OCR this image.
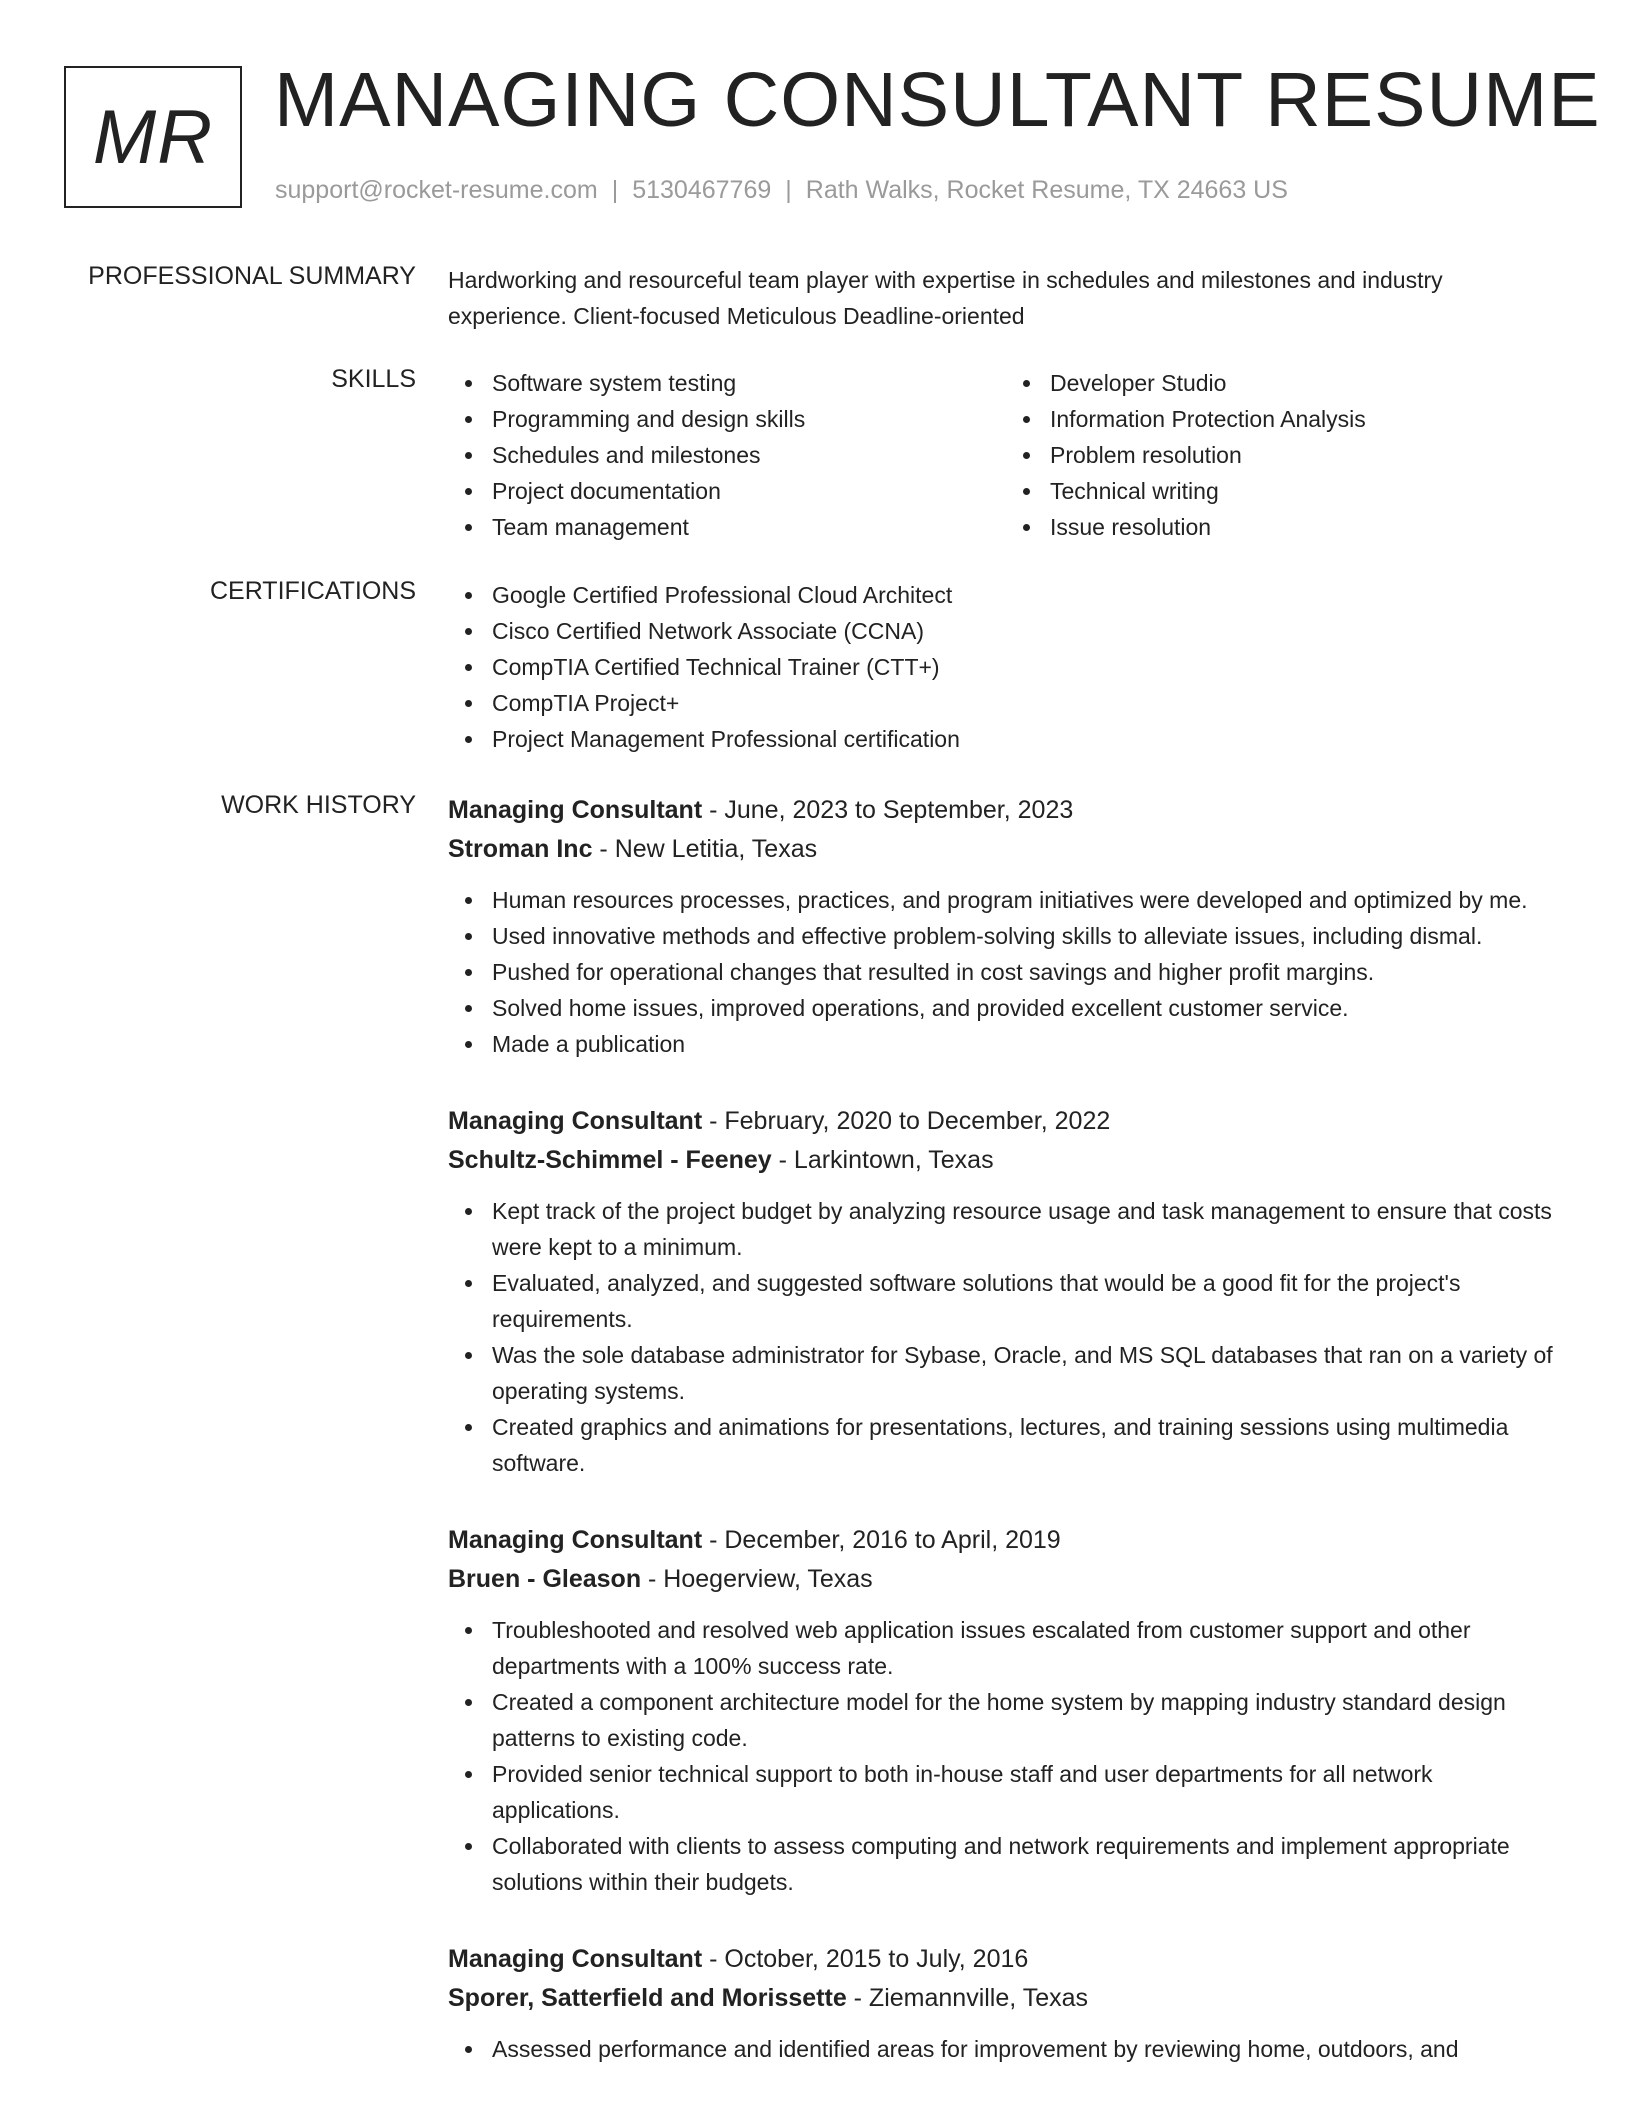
MR MANAGING CONSULTANT RESUME
support@rocket-resume.com | 5130467769 | Rath Walks, Rocket Resume, TX 24663 US
PROFESSIONAL SUMMARY Hardworking and resourceful team player with expertise in schedules and milestones and industry experience. Client-focused Meticulous Deadline-oriented
SKILLS	Software system testing
Programming and design skills
Schedules and milestones
Project documentation
Team management
Developer Studio
Information Protection Analysis
Problem resolution
Technical writing
Issue resolution
CERTIFICATIONS	Google Certified Professional Cloud Architect
Cisco Certified Network Associate (CCNA)
CompTIA Certified Technical Trainer (CTT+)
CompTIA Project+
Project Management Professional certification
WORK HISTORY Managing Consultant - June, 2023 to September, 2023
Stroman Inc - New Letitia, Texas
Human resources processes, practices, and program initiatives were developed and optimized by me.
Used innovative methods and effective problem-solving skills to alleviate issues, including dismal.
Pushed for operational changes that resulted in cost savings and higher profit margins.
Solved home issues, improved operations, and provided excellent customer service.
Made a publication
Managing Consultant - February, 2020 to December, 2022
Schultz-Schimmel - Feeney - Larkintown, Texas
Kept track of the project budget by analyzing resource usage and task management to ensure that costs were kept to a minimum.
Evaluated, analyzed, and suggested software solutions that would be a good fit for the project's requirements.
Was the sole database administrator for Sybase, Oracle, and MS SQL databases that ran on a variety of operating systems.
Created graphics and animations for presentations, lectures, and training sessions using multimedia software.
Managing Consultant - December, 2016 to April, 2019
Bruen - Gleason - Hoegerview, Texas
Troubleshooted and resolved web application issues escalated from customer support and other departments with a 100% success rate.
Created a component architecture model for the home system by mapping industry standard design patterns to existing code.
Provided senior technical support to both in-house staff and user departments for all network applications.
Collaborated with clients to assess computing and network requirements and implement appropriate solutions within their budgets.
Managing Consultant - October, 2015 to July, 2016
Sporer, Satterfield and Morissette - Ziemannville, Texas
Assessed performance and identified areas for improvement by reviewing home, outdoors, and
